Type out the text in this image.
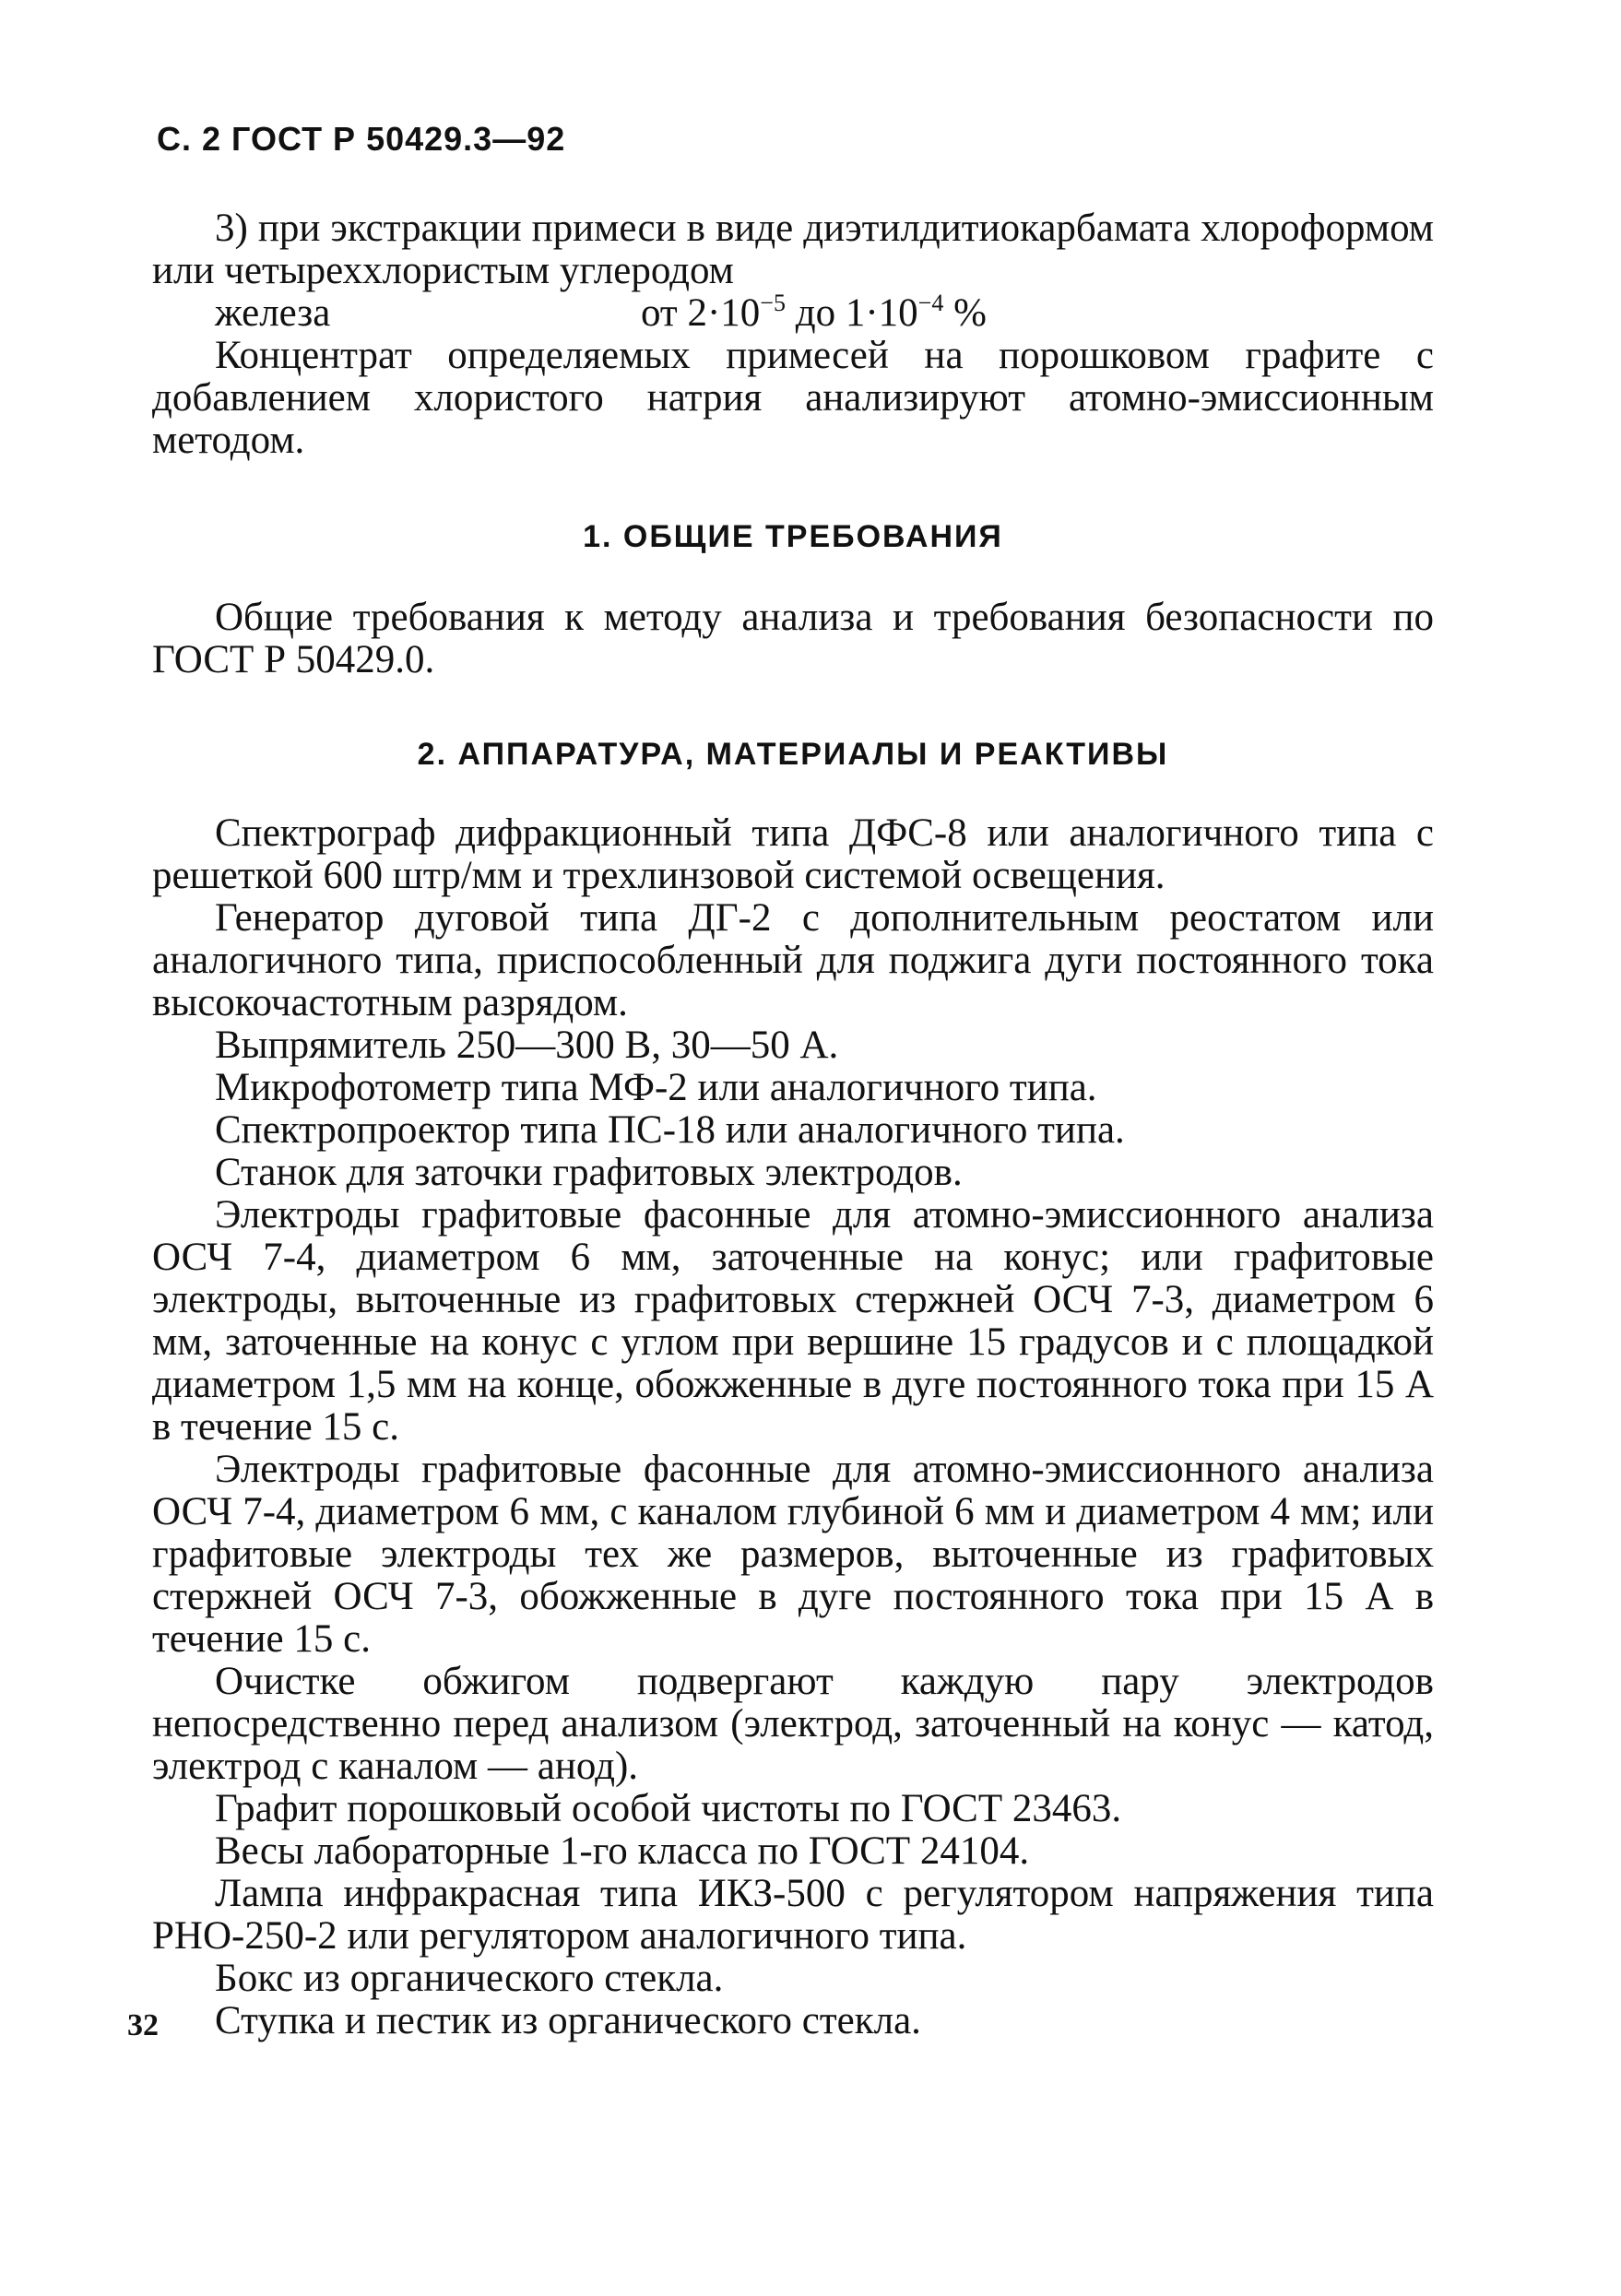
С. 2 ГОСТ Р 50429.3—92

3) при экстракции примеси в виде диэтилдитиокарбамата хлороформом или четыреххлористым углеродом

железа	от $2\cdot 10^{-5}$ до $1\cdot 10^{-4}$ %

Концентрат определяемых примесей на порошковом графите с добавлением хлористого натрия анализируют атомно-эмиссионным методом.

1. ОБЩИЕ ТРЕБОВАНИЯ

Общие требования к методу анализа и требования безопасности по ГОСТ Р 50429.0.

2. АППАРАТУРА, МАТЕРИАЛЫ И РЕАКТИВЫ

Спектрограф дифракционный типа ДФС-8 или аналогичного типа с решеткой 600 штр/мм и трехлинзовой системой освещения.

Генератор дуговой типа ДГ-2 с дополнительным реостатом или аналогичного типа, приспособленный для поджига дуги постоянного тока высокочастотным разрядом.

Выпрямитель 250—300 В, 30—50 А.

Микрофотометр типа МФ-2 или аналогичного типа.

Спектропроектор типа ПС-18 или аналогичного типа.

Станок для заточки графитовых электродов.

Электроды графитовые фасонные для атомно-эмиссионного анализа ОСЧ 7-4, диаметром 6 мм, заточенные на конус; или графитовые электроды, выточенные из графитовых стержней ОСЧ 7-3, диаметром 6 мм, заточенные на конус с углом при вершине 15 градусов и с площадкой диаметром 1,5 мм на конце, обожженные в дуге постоянного тока при 15 А в течение 15 с.

Электроды графитовые фасонные для атомно-эмиссионного анализа ОСЧ 7-4, диаметром 6 мм, с каналом глубиной 6 мм и диаметром 4 мм; или графитовые электроды тех же размеров, выточенные из графитовых стержней ОСЧ 7-3, обожженные в дуге постоянного тока при 15 А в течение 15 с.

Очистке обжигом подвергают каждую пару электродов непосредственно перед анализом (электрод, заточенный на конус — катод, электрод с каналом — анод).

Графит порошковый особой чистоты по ГОСТ 23463.

Весы лабораторные 1-го класса по ГОСТ 24104.

Лампа инфракрасная типа ИКЗ-500 с регулятором напряжения типа РНО-250-2 или регулятором аналогичного типа.

Бокс из органического стекла.

Ступка и пестик из органического стекла.

32
